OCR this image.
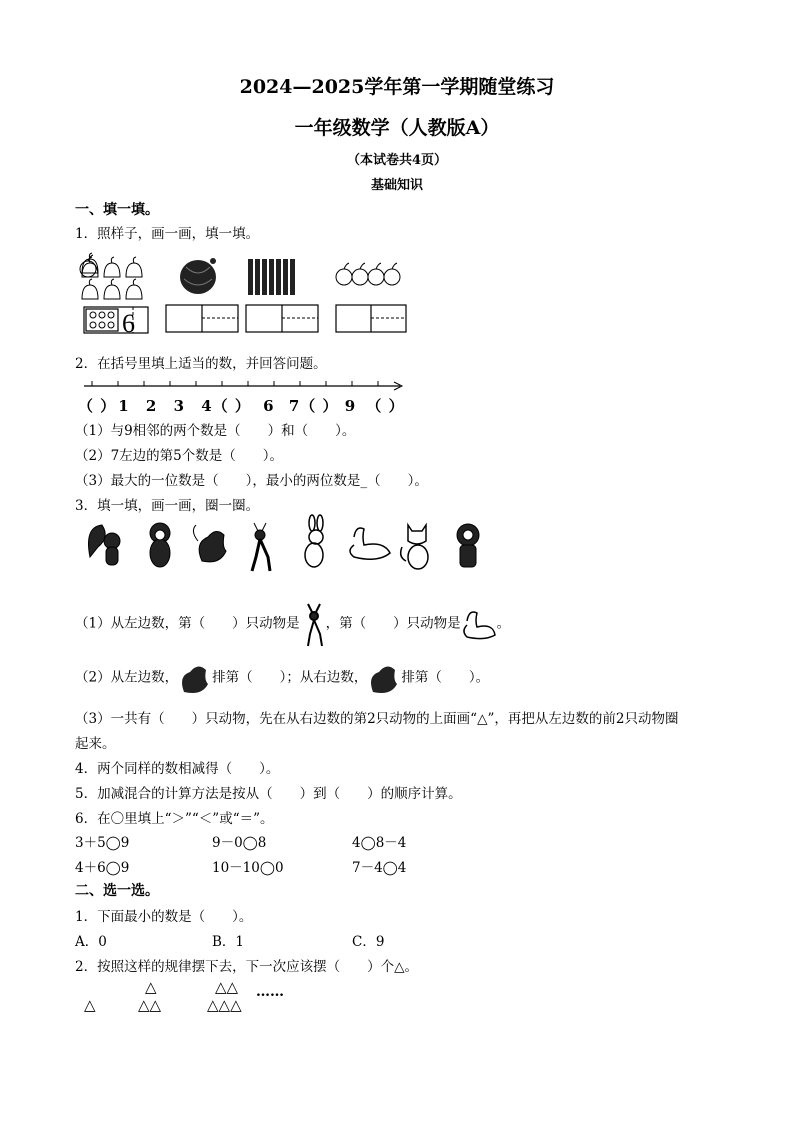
2024—2025学年第一学期随堂练习
一年级数学（人教版A）
（本试卷共4页）
基础知识
一、填一填。
1．照样子，画一画，填一填。
6
2．在括号里填上适当的数，并回答问题。
（ ） 1 2 3 4（ ） 6 7（ ） 9 （ ）
（1）与9相邻的两个数是（　　）和（　　）。
（2）7左边的第5个数是（　　）。
（3）最大的一位数是（　　），最小的两位数是_（　　）。
3．填一填，画一画，圈一圈。
（1）从左边数，第（　　）只动物是 ，第（　　）只动物是	。
（2）从左边数，	排第（　　）；从右边数，	排第（　　）。
（3）一共有（　　）只动物，先在从右边数的第2只动物的上面画“△”，再把从左边数的前2只动物圈
起来。
4．两个同样的数相减得（　　）。
5．加减混合的计算方法是按从（　　）到（　　）的顺序计算。
6．在〇里填上“＞”“＜”或“＝”。
3＋5◯9	9－0◯8	4◯8－4
4＋6◯9	10－10◯0	7－4◯4
二、选一选。
1．下面最小的数是（　　）。
A．0	B．1	C．9
2．按照这样的规律摆下去，下一次应该摆（　　）个△。
△
△
△△
△△
△△△
……
